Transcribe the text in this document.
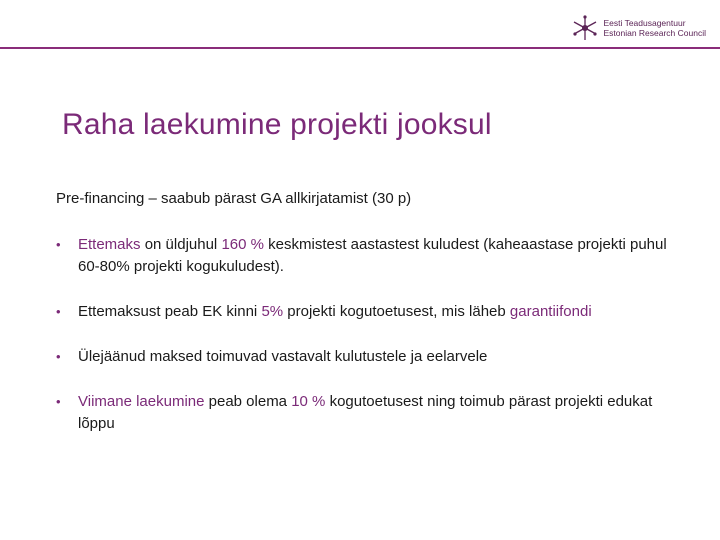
Eesti Teadusagentuur
Estonian Research Council
Raha laekumine projekti jooksul
Pre-financing – saabub pärast GA allkirjatamist (30 p)
•	Ettemaks on üldjuhul 160 % keskmistest aastastest kuludest (kaheaastase projekti puhul 60-80% projekti kogukuludest).
•	Ettemaksust peab EK kinni 5% projekti kogutoetusest, mis läheb garantiifondi
•	Ülejäänud maksed toimuvad vastavalt kulutustele ja eelarvele
•	Viimane laekumine peab olema 10 % kogutoetusest ning toimub pärast projekti edukat lõppu
